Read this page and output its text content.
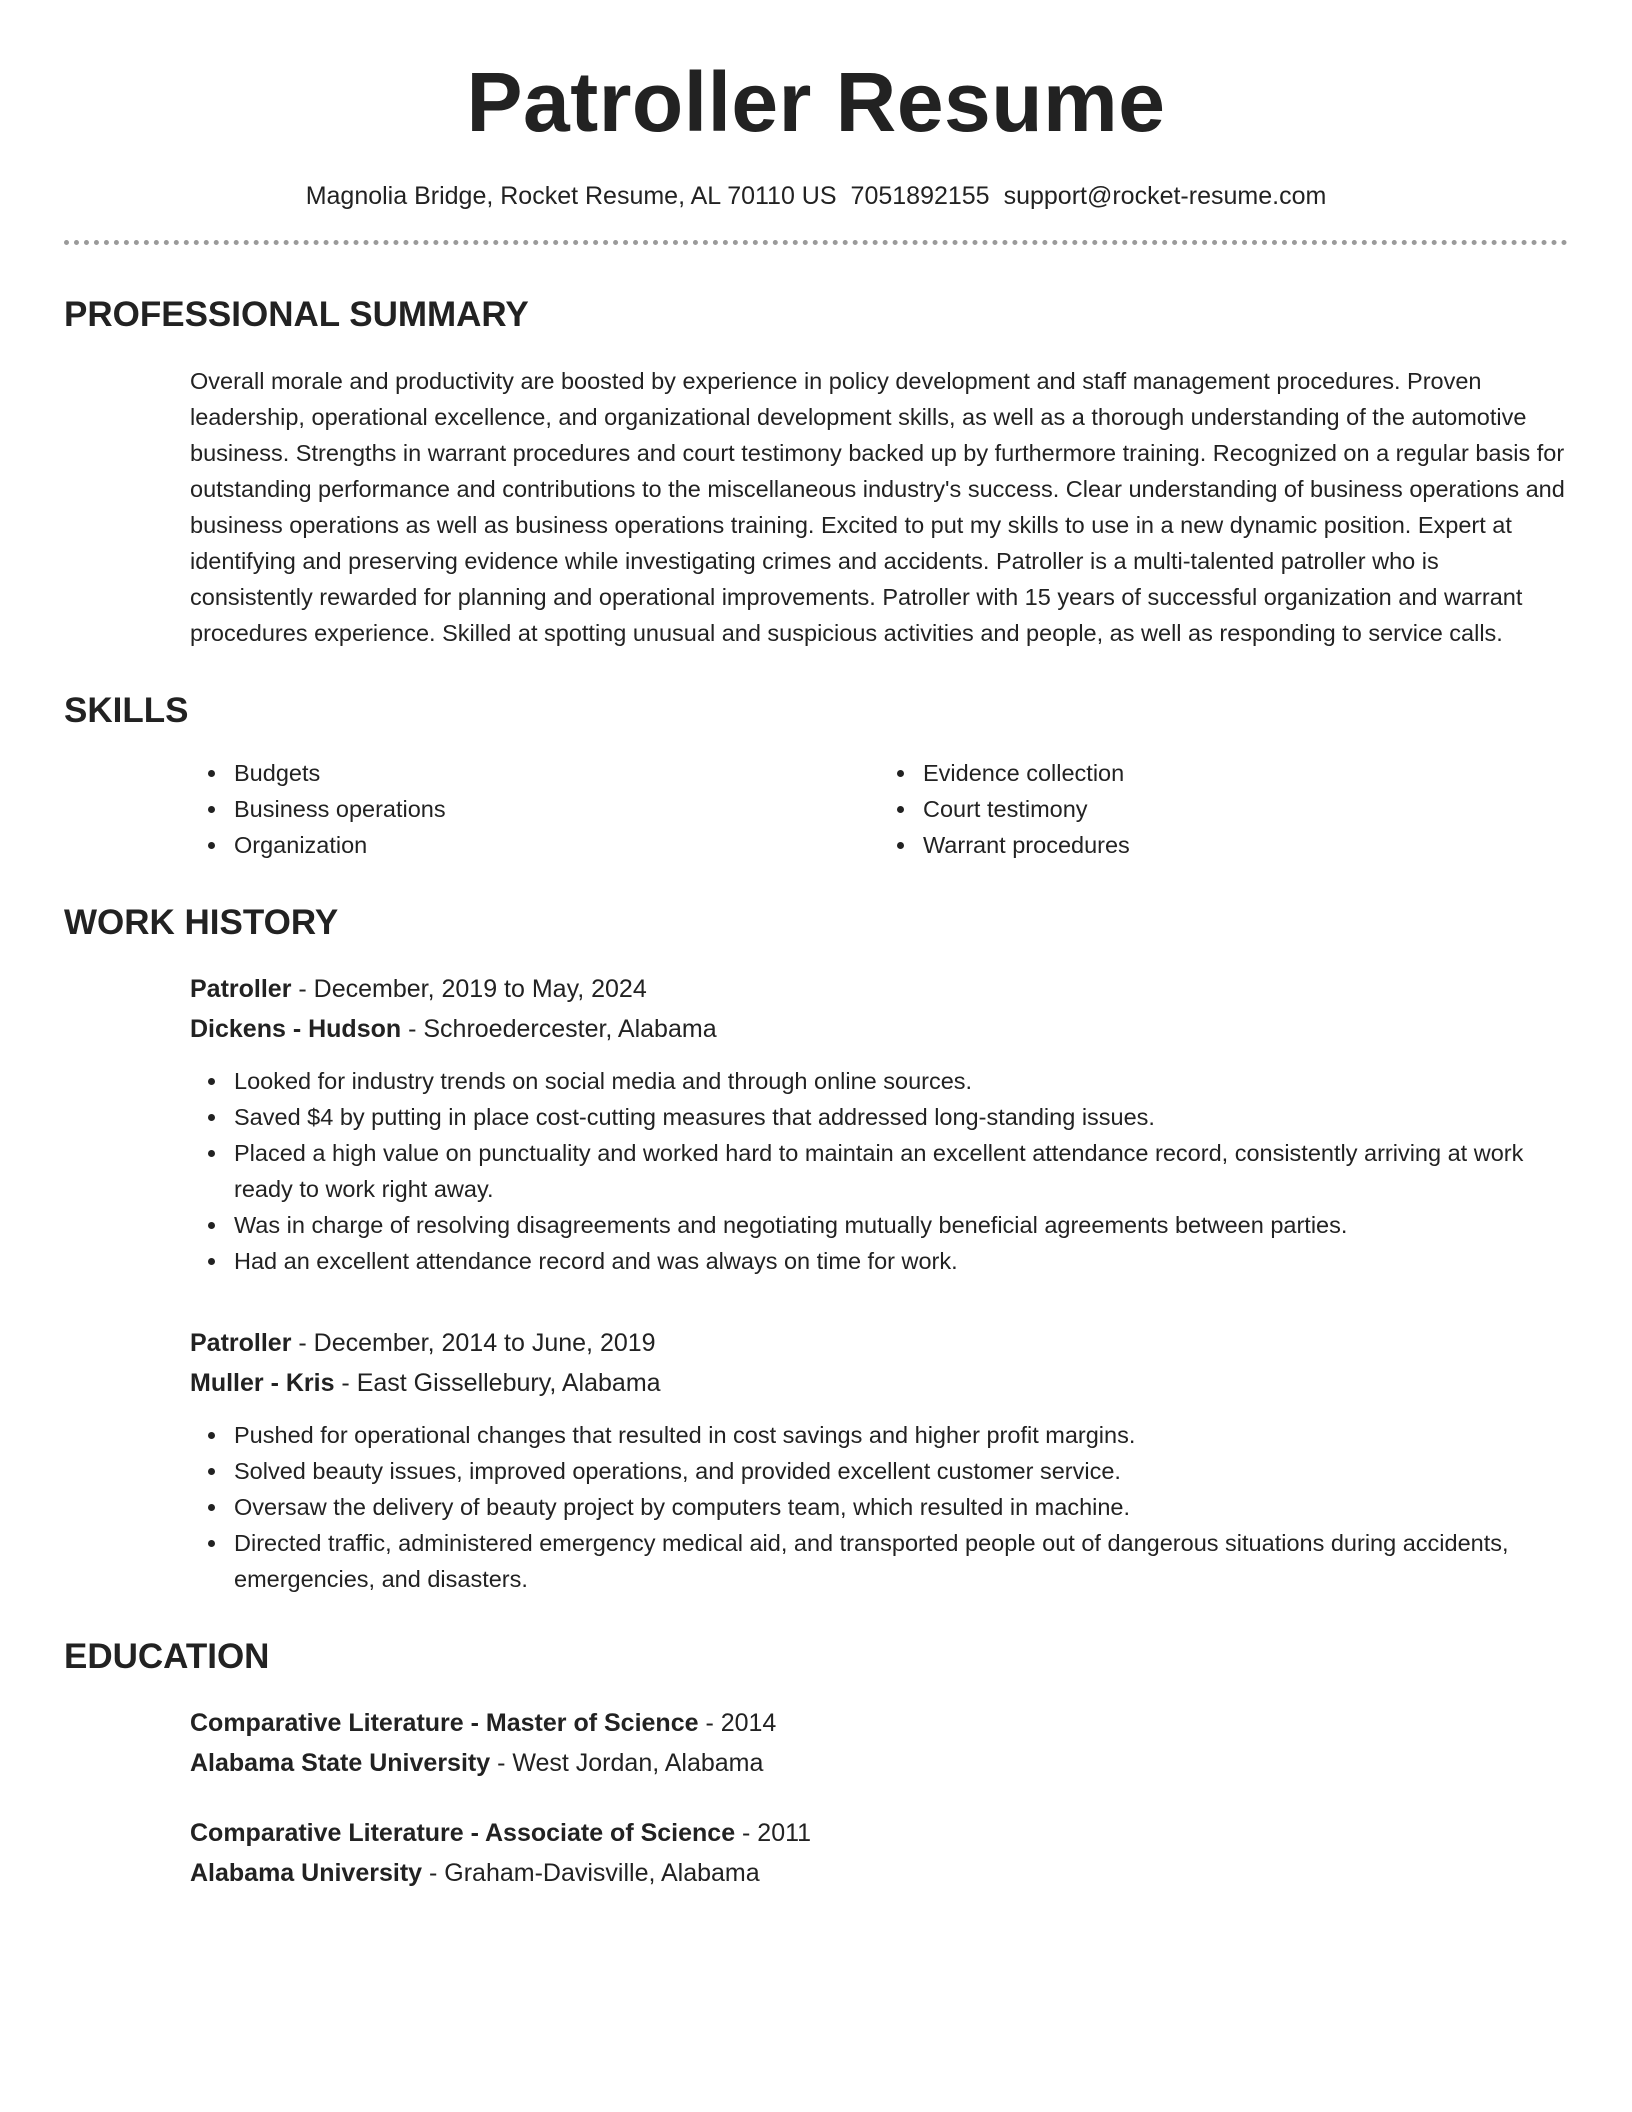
Patroller Resume
Magnolia Bridge, Rocket Resume, AL 70110 US 7051892155 support@rocket-resume.com
PROFESSIONAL SUMMARY

Overall morale and productivity are boosted by experience in policy development and staff management procedures. Proven leadership, operational excellence, and organizational development skills, as well as a thorough understanding of the automotive business. Strengths in warrant procedures and court testimony backed up by furthermore training. Recognized on a regular basis for outstanding performance and contributions to the miscellaneous industry's success. Clear understanding of business operations and business operations as well as business operations training. Excited to put my skills to use in a new dynamic position. Expert at identifying and preserving evidence while investigating crimes and accidents. Patroller is a multi-talented patroller who is consistently rewarded for planning and operational improvements. Patroller with 15 years of successful organization and warrant procedures experience. Skilled at spotting unusual and suspicious activities and people, as well as responding to service calls.

SKILLS
Budgets
Business operations
Organization
Evidence collection
Court testimony
Warrant procedures
WORK HISTORY
Patroller - December, 2019 to May, 2024
Dickens - Hudson - Schroedercester, Alabama
Looked for industry trends on social media and through online sources.
Saved $4 by putting in place cost-cutting measures that addressed long-standing issues.
Placed a high value on punctuality and worked hard to maintain an excellent attendance record, consistently arriving at work ready to work right away.
Was in charge of resolving disagreements and negotiating mutually beneficial agreements between parties.
Had an excellent attendance record and was always on time for work.
Patroller - December, 2014 to June, 2019
Muller - Kris - East Gissellebury, Alabama
Pushed for operational changes that resulted in cost savings and higher profit margins.
Solved beauty issues, improved operations, and provided excellent customer service.
Oversaw the delivery of beauty project by computers team, which resulted in machine.
Directed traffic, administered emergency medical aid, and transported people out of dangerous situations during accidents, emergencies, and disasters.
EDUCATION
Comparative Literature - Master of Science - 2014
Alabama State University - West Jordan, Alabama
Comparative Literature - Associate of Science - 2011
Alabama University - Graham-Davisville, Alabama
